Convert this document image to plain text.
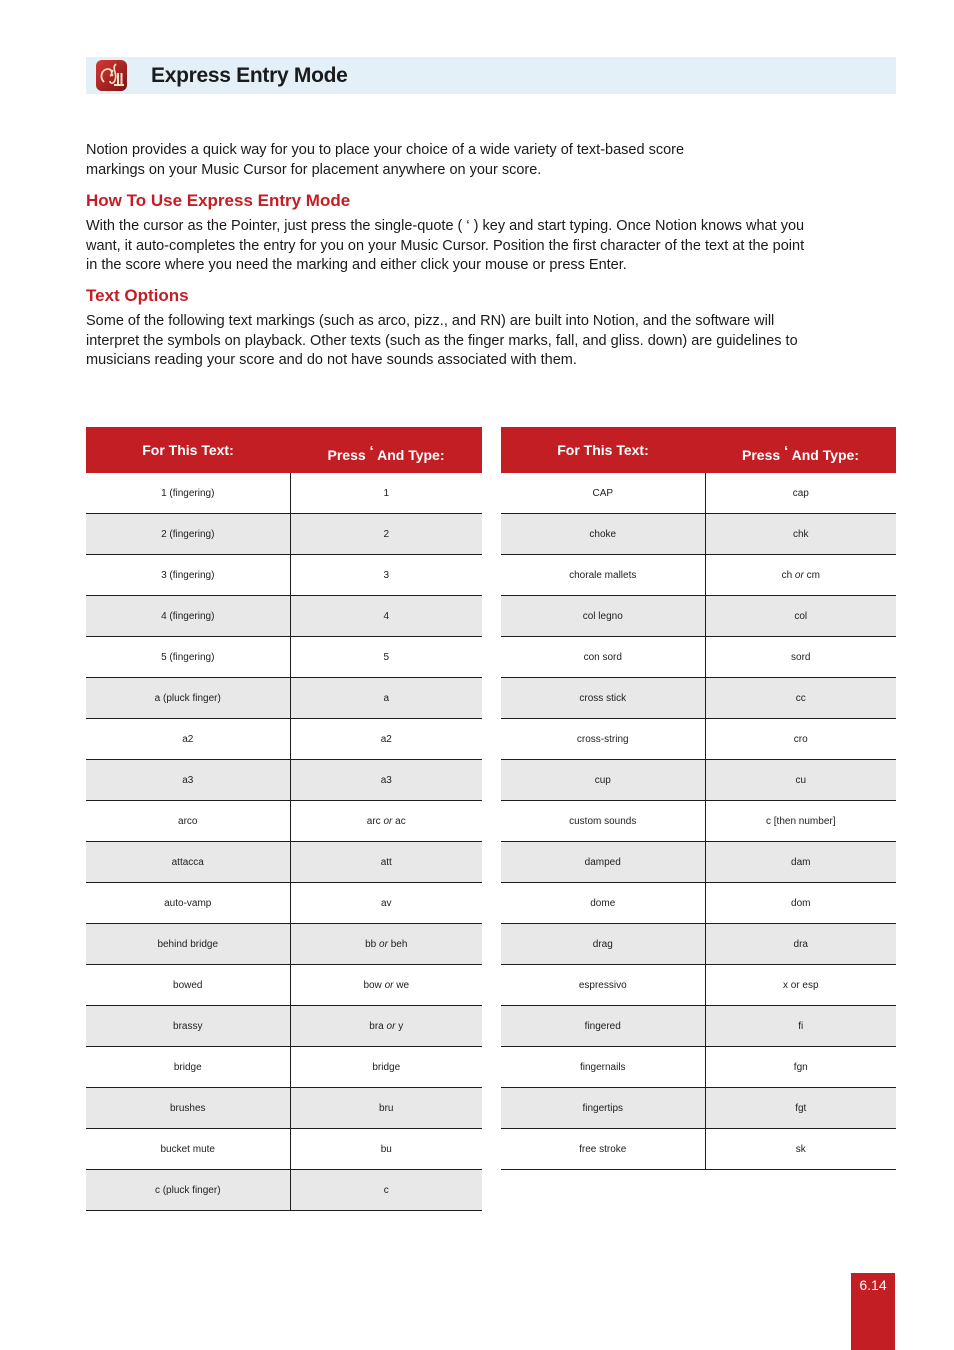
Express Entry Mode

Notion provides a quick way for you to place your choice of a wide variety of text-based score markings on your Music Cursor for placement anywhere on your score.

How To Use Express Entry Mode

With the cursor as the Pointer, just press the single-quote ( ‘ ) key and start typing. Once Notion knows what you want, it auto-completes the entry for you on your Music Cursor. Position the first character of the text at the point in the score where you need the marking and either click your mouse or press Enter.

Text Options

Some of the following text markings (such as arco, pizz., and RN) are built into Notion, and the software will interpret the symbols on playback. Other texts (such as the finger marks, fall, and gliss. down) are guidelines to musicians reading your score and do not have sounds associated with them.

For This Text:	Press ‘ And Type:
1 (fingering)	1
2 (fingering)	2
3 (fingering)	3
4 (fingering)	4
5 (fingering)	5
a (pluck finger)	a
a2	a2
a3	a3
arco	arc or ac
attacca	att
auto-vamp	av
behind bridge	bb or beh
bowed	bow or we
brassy	bra or y
bridge	bridge
brushes	bru
bucket mute	bu
c (pluck finger)	c
For This Text:	Press ‘ And Type:
CAP	cap
choke	chk
chorale mallets	ch or cm
col legno	col
con sord	sord
cross stick	cc
cross-string	cro
cup	cu
custom sounds	c [then number]
damped	dam
dome	dom
drag	dra
espressivo	x or esp
fingered	fi
fingernails	fgn
fingertips	fgt
free stroke	sk
6.14
